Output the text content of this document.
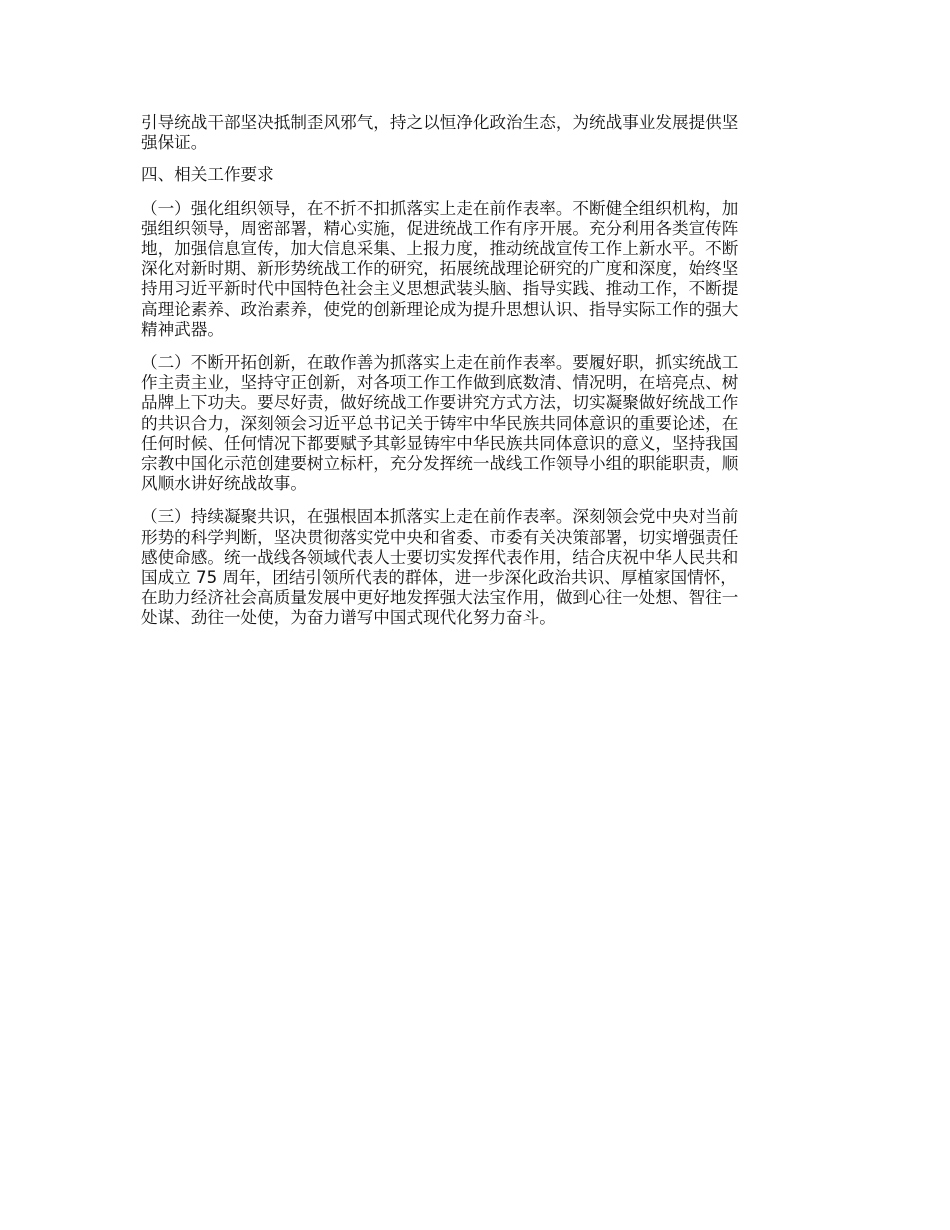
引导统战干部坚决抵制歪风邪气，持之以恒净化政治生态，为统战事业发展提供坚
强保证。

四、相关工作要求

（一）强化组织领导，在不折不扣抓落实上走在前作表率。不断健全组织机构，加
强组织领导，周密部署，精心实施，促进统战工作有序开展。充分利用各类宣传阵
地，加强信息宣传，加大信息采集、上报力度，推动统战宣传工作上新水平。不断
深化对新时期、新形势统战工作的研究，拓展统战理论研究的广度和深度，始终坚
持用习近平新时代中国特色社会主义思想武装头脑、指导实践、推动工作，不断提
高理论素养、政治素养，使党的创新理论成为提升思想认识、指导实际工作的强大
精神武器。

（二）不断开拓创新，在敢作善为抓落实上走在前作表率。要履好职，抓实统战工
作主责主业，坚持守正创新，对各项工作工作做到底数清、情况明，在培亮点、树
品牌上下功夫。要尽好责，做好统战工作要讲究方式方法，切实凝聚做好统战工作
的共识合力，深刻领会习近平总书记关于铸牢中华民族共同体意识的重要论述，在
任何时候、任何情况下都要赋予其彰显铸牢中华民族共同体意识的意义，坚持我国
宗教中国化示范创建要树立标杆，充分发挥统一战线工作领导小组的职能职责，顺
风顺水讲好统战故事。

（三）持续凝聚共识，在强根固本抓落实上走在前作表率。深刻领会党中央对当前
形势的科学判断，坚决贯彻落实党中央和省委、市委有关决策部署，切实增强责任
感使命感。统一战线各领域代表人士要切实发挥代表作用，结合庆祝中华人民共和
国成立 75 周年，团结引领所代表的群体，进一步深化政治共识、厚植家国情怀，
在助力经济社会高质量发展中更好地发挥强大法宝作用，做到心往一处想、智往一
处谋、劲往一处使，为奋力谱写中国式现代化努力奋斗。
